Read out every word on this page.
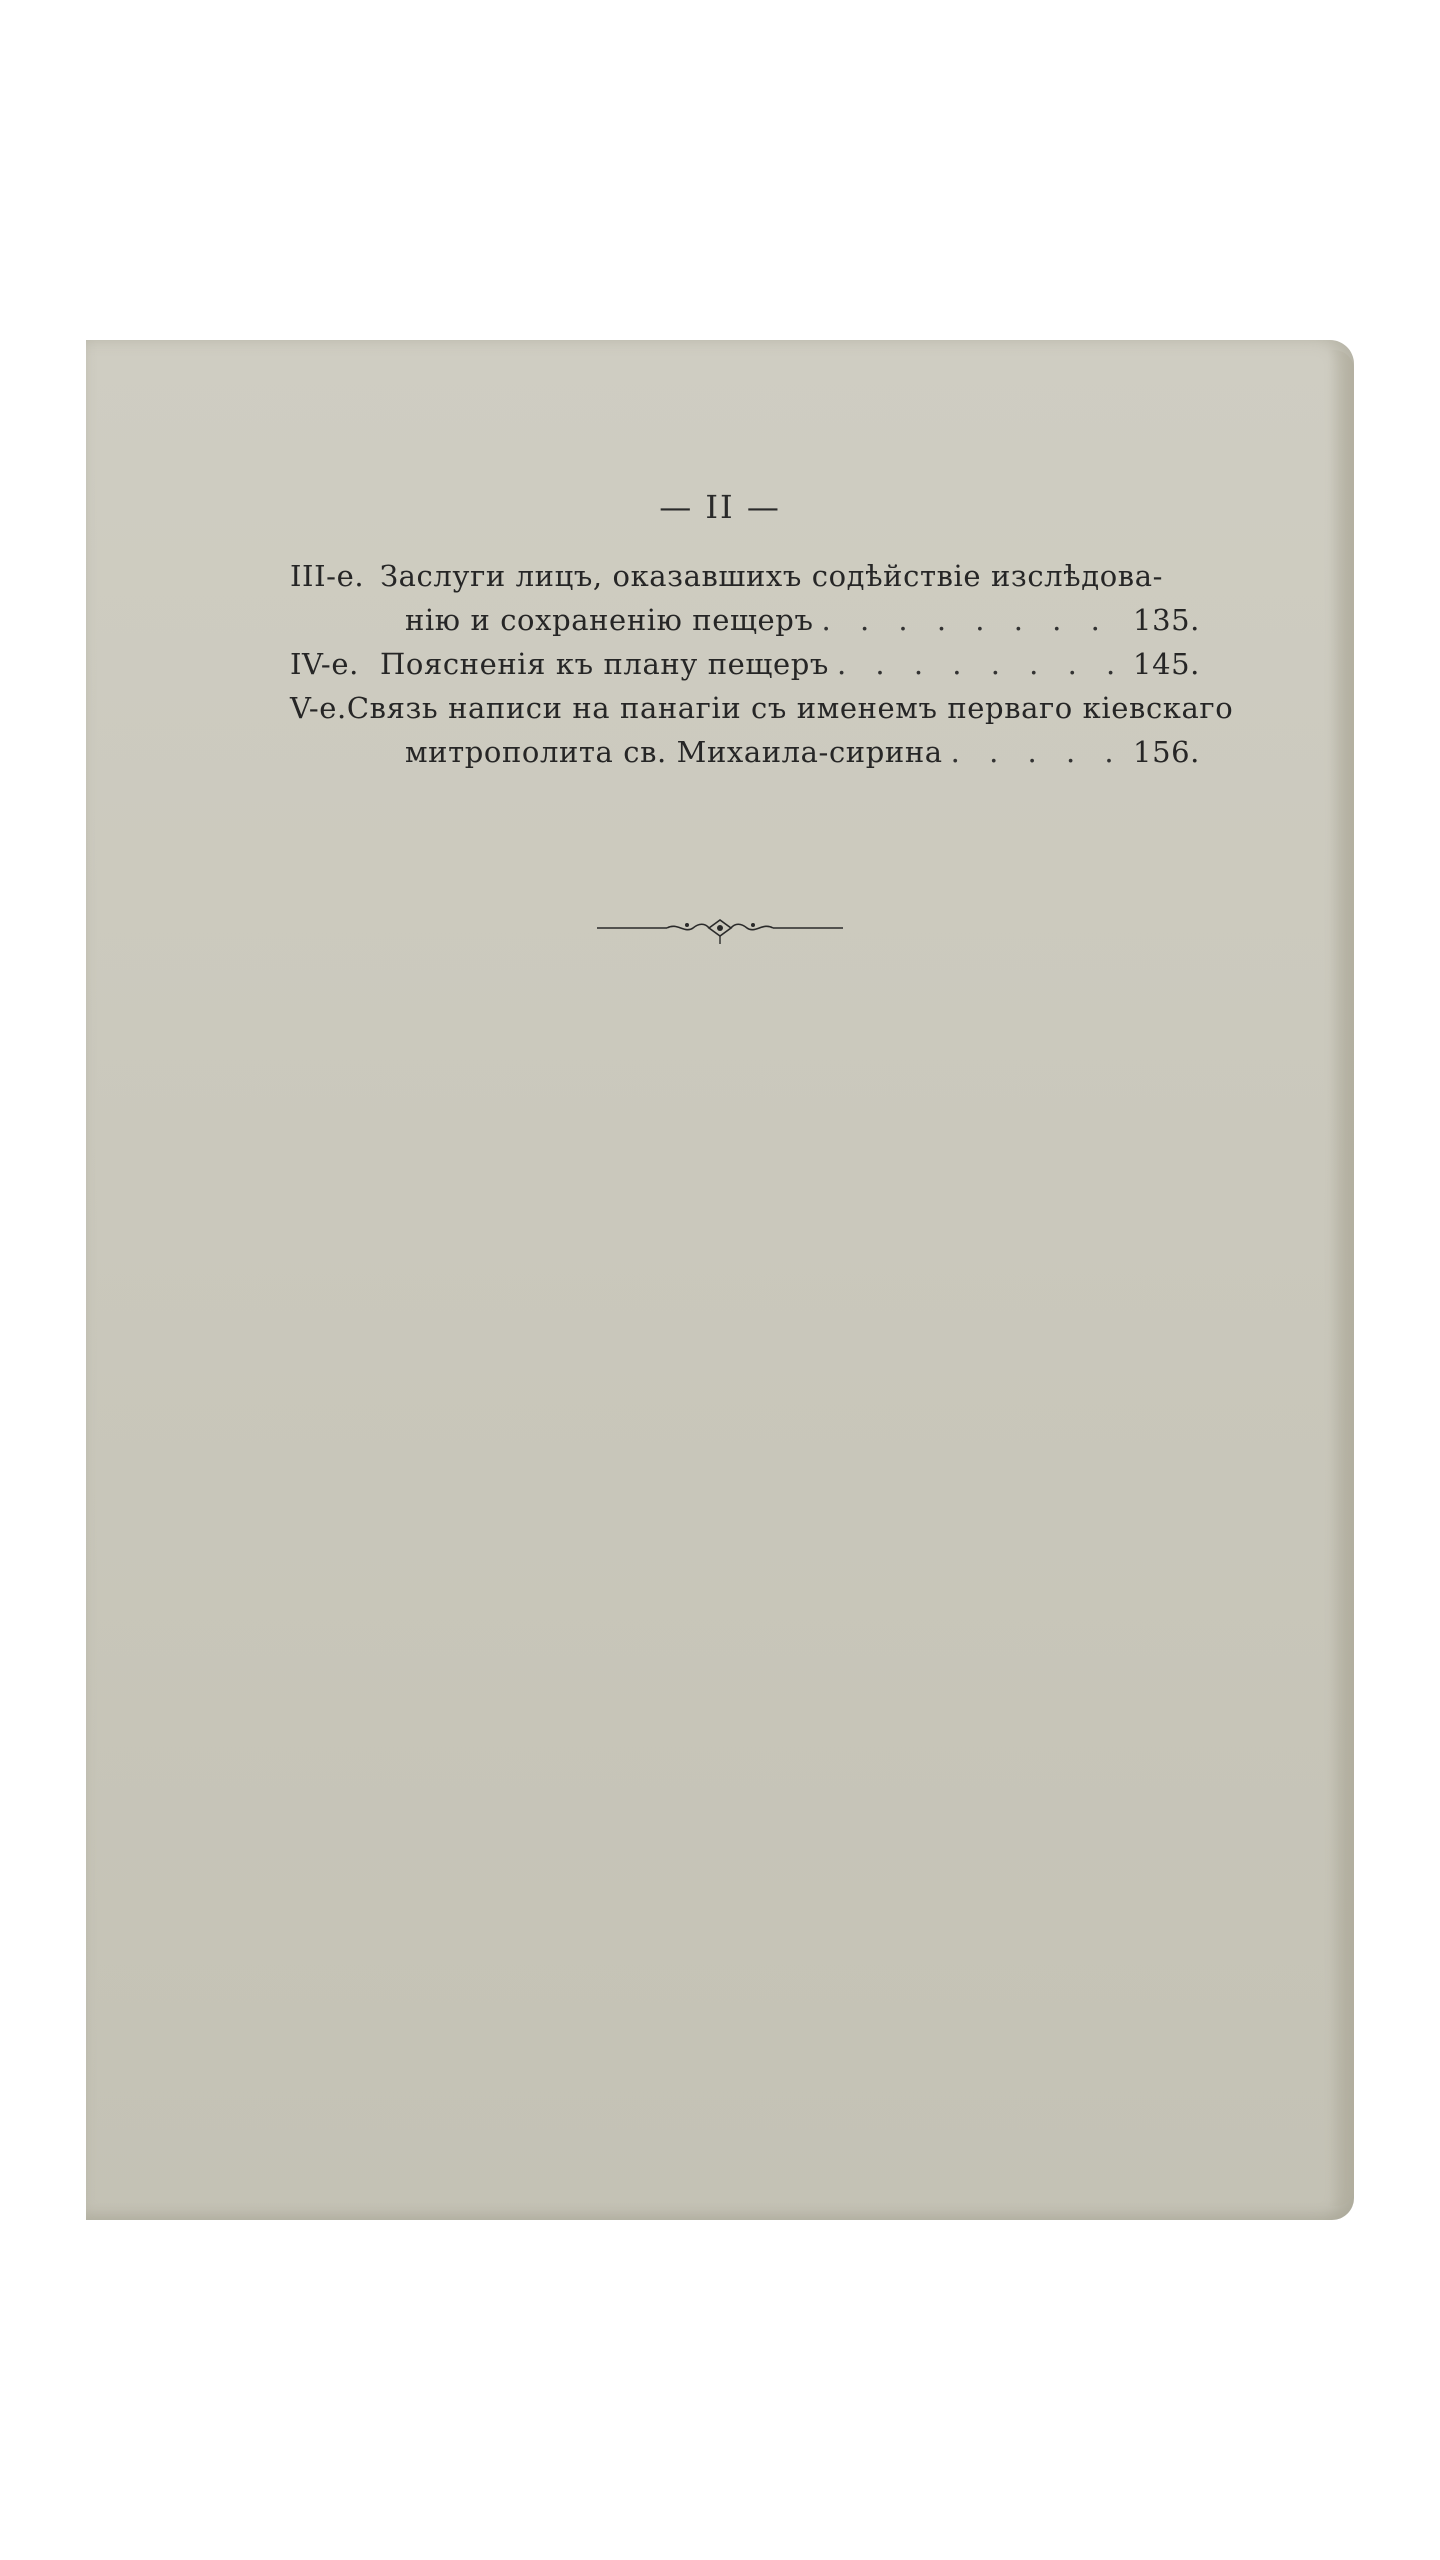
— II —
III-е. Заслуги лицъ, оказавшихъ содѣйствіе изслѣдова-
нію и сохраненію пещеръ . . .	135.
IV-е. Поясненія къ плану пещеръ . . .	145.
V-е. Связь написи на панагіи съ именемъ перваго кіевскаго
митрополита св. Михаила-сирина . . .	156.
